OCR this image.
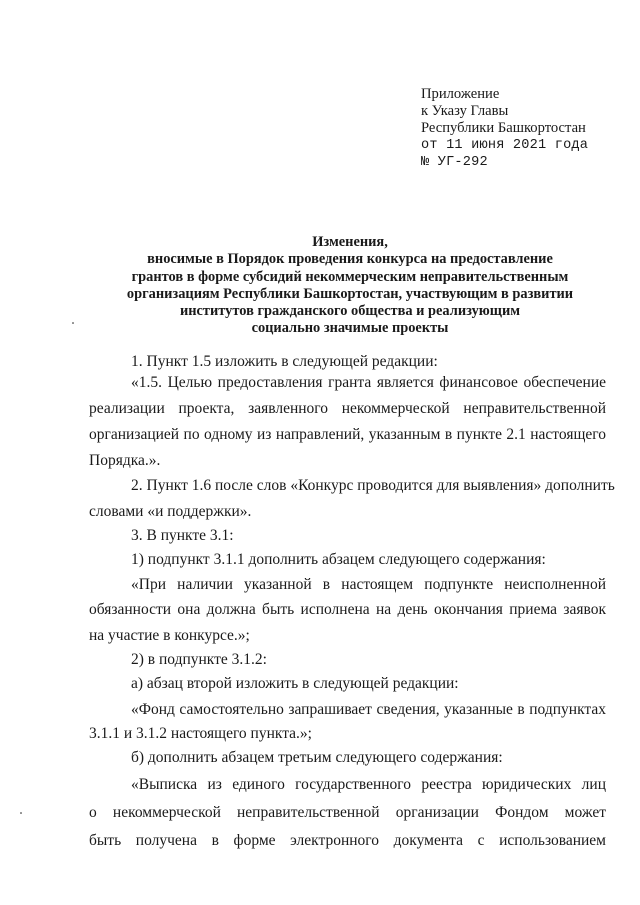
Приложение
к Указу Главы
Республики Башкортостан
от 11 июня 2021 года
№ УГ-292
Изменения,
вносимые в Порядок проведения конкурса на предоставление
грантов в форме субсидий некоммерческим неправительственным
организациям Республики Башкортостан, участвующим в развитии
институтов гражданского общества и реализующим
социально значимые проекты
1. Пункт 1.5 изложить в следующей редакции:
«1.5. Целью предоставления гранта является финансовое обеспечение
реализации проекта, заявленного некоммерческой неправительственной
организацией по одному из направлений, указанным в пункте 2.1 настоящего
Порядка.».
2. Пункт 1.6 после слов «Конкурс проводится для выявления» дополнить
словами «и поддержки».
3. В пункте 3.1:
1) подпункт 3.1.1 дополнить абзацем следующего содержания:
«При наличии указанной в настоящем подпункте неисполненной
обязанности она должна быть исполнена на день окончания приема заявок
на участие в конкурсе.»;
2) в подпункте 3.1.2:
а) абзац второй изложить в следующей редакции:
«Фонд самостоятельно запрашивает сведения, указанные в подпунктах
3.1.1 и 3.1.2 настоящего пункта.»;
б) дополнить абзацем третьим следующего содержания:
«Выписка из единого государственного реестра юридических лиц
о некоммерческой неправительственной организации Фондом может
быть получена в форме электронного документа с использованием
